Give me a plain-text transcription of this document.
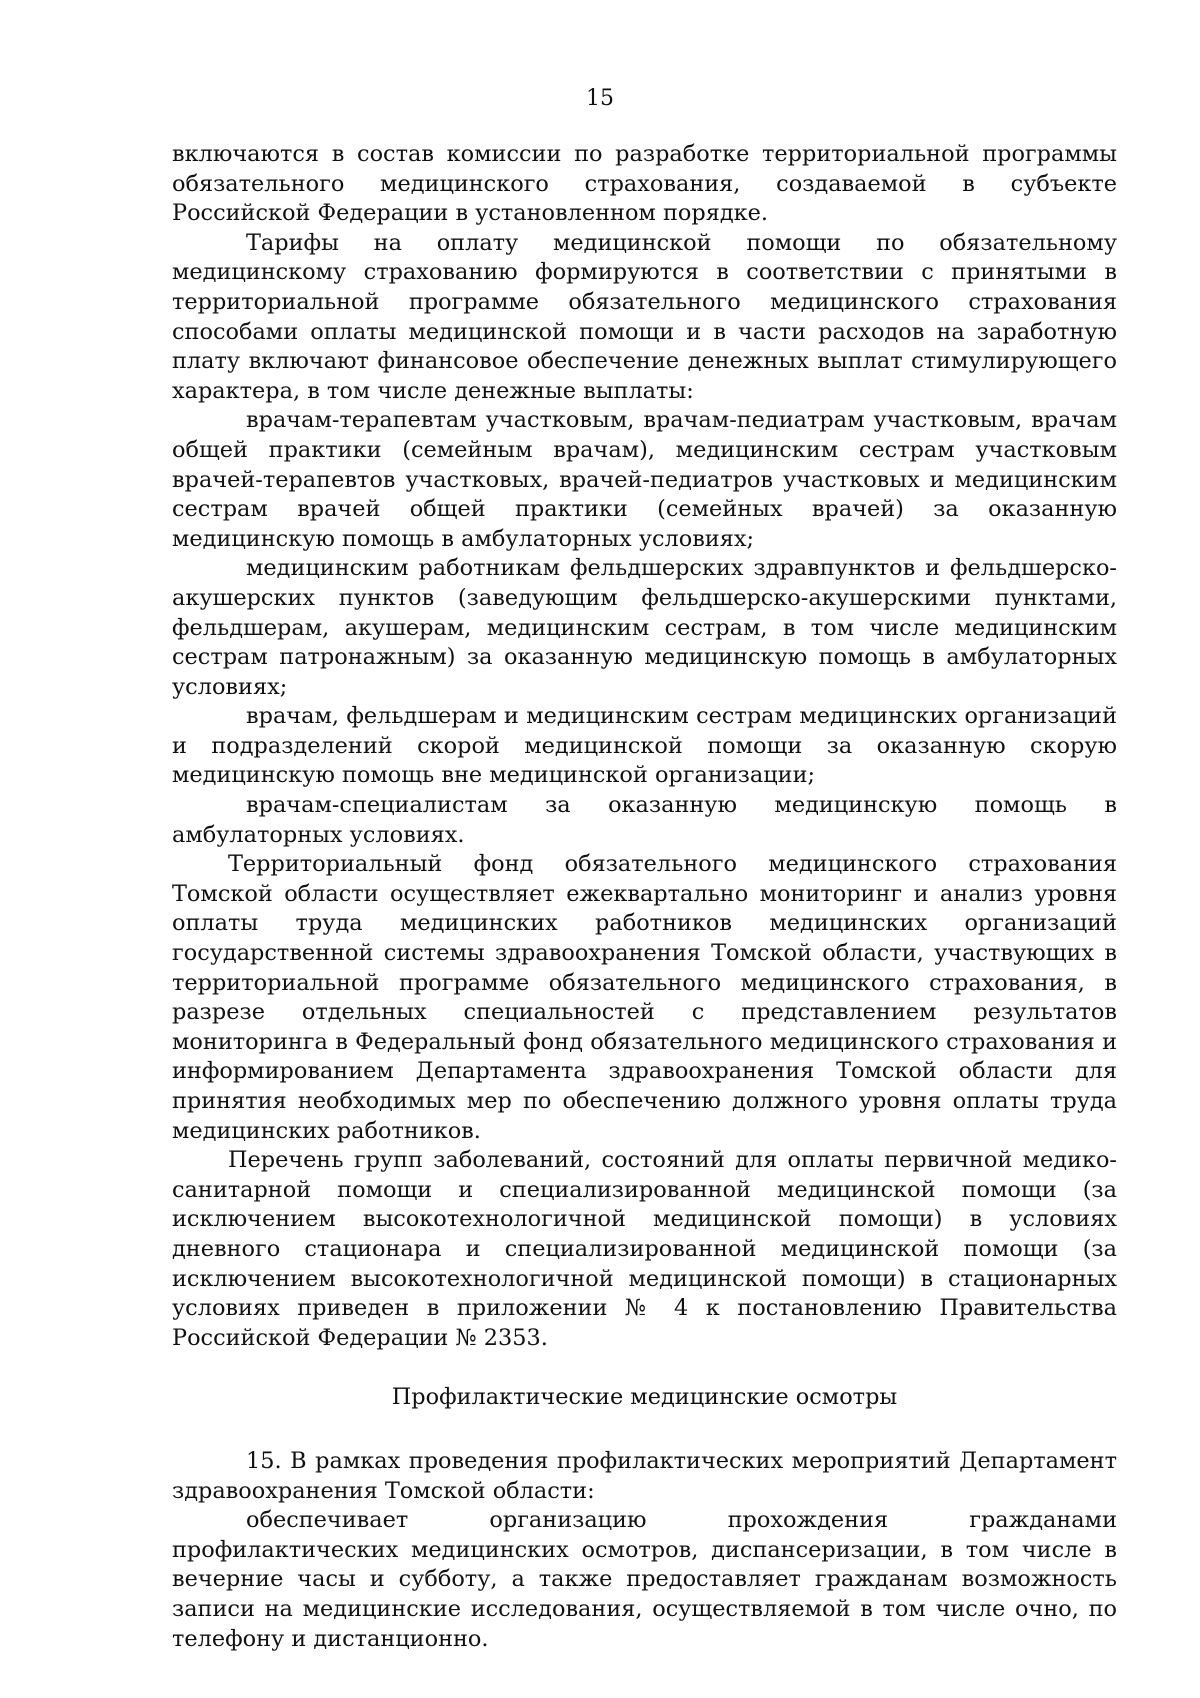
15

включаются в состав комиссии по разработке территориальной программы обязательного медицинского страхования, создаваемой в субъекте Российской Федерации в установленном порядке.

Тарифы на оплату медицинской помощи по обязательному медицинскому страхованию формируются в соответствии с принятыми в территориальной программе обязательного медицинского страхования способами оплаты медицинской помощи и в части расходов на заработную плату включают финансовое обеспечение денежных выплат стимулирующего характера, в том числе денежные выплаты:

врачам-терапевтам участковым, врачам-педиатрам участковым, врачам общей практики (семейным врачам), медицинским сестрам участковым врачей-терапевтов участковых, врачей-педиатров участковых и медицинским сестрам врачей общей практики (семейных врачей) за оказанную медицинскую помощь в амбулаторных условиях;

медицинским работникам фельдшерских здравпунктов и фельдшерско-акушерских пунктов (заведующим фельдшерско-акушерскими пунктами, фельдшерам, акушерам, медицинским сестрам, в том числе медицинским сестрам патронажным) за оказанную медицинскую помощь в амбулаторных условиях;

врачам, фельдшерам и медицинским сестрам медицинских организаций и подразделений скорой медицинской помощи за оказанную скорую медицинскую помощь вне медицинской организации;

врачам-специалистам за оказанную медицинскую помощь в амбулаторных условиях.

Территориальный фонд обязательного медицинского страхования Томской области осуществляет ежеквартально мониторинг и анализ уровня оплаты труда медицинских работников медицинских организаций государственной системы здравоохранения Томской области, участвующих в территориальной программе обязательного медицинского страхования, в разрезе отдельных специальностей с представлением результатов мониторинга в Федеральный фонд обязательного медицинского страхования и информированием Департамента здравоохранения Томской области для принятия необходимых мер по обеспечению должного уровня оплаты труда медицинских работников.

Перечень групп заболеваний, состояний для оплаты первичной медико-санитарной помощи и специализированной медицинской помощи (за исключением высокотехнологичной медицинской помощи) в условиях дневного стационара и специализированной медицинской помощи (за исключением высокотехнологичной медицинской помощи) в стационарных условиях приведен в приложении № 4 к постановлению Правительства Российской Федерации № 2353.

Профилактические медицинские осмотры

15. В рамках проведения профилактических мероприятий Департамент здравоохранения Томской области:

обеспечивает организацию прохождения гражданами профилактических медицинских осмотров, диспансеризации, в том числе в вечерние часы и субботу, а также предоставляет гражданам возможность записи на медицинские исследования, осуществляемой в том числе очно, по телефону и дистанционно.
